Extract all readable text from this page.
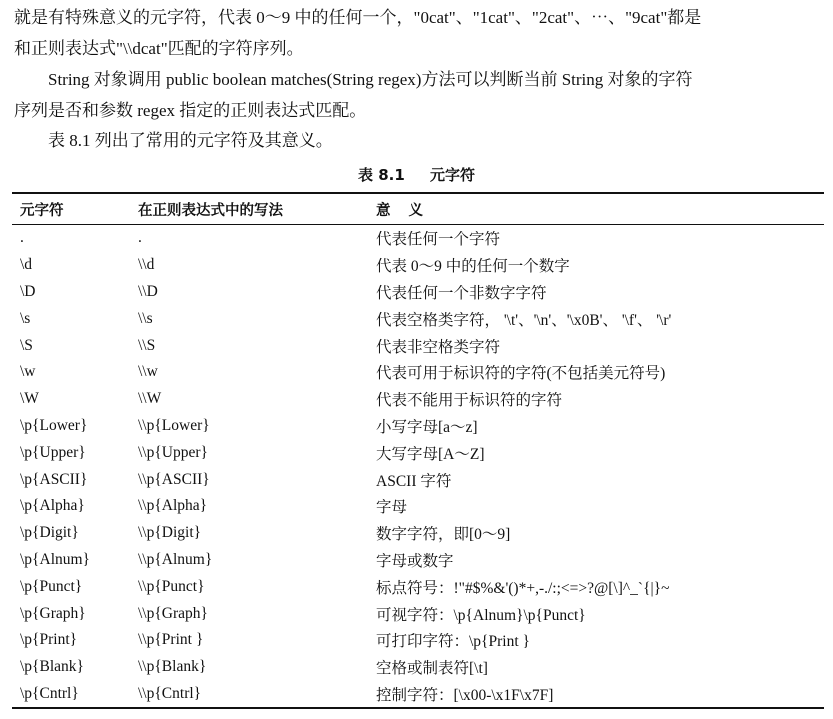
就是有特殊意义的元字符，代表 0～9 中的任何一个，"0cat"、"1cat"、"2cat"、⋯、"9cat"都是
和正则表达式"\\dcat"匹配的字符序列。

String 对象调用 public boolean matches(String regex)方法可以判断当前 String 对象的字符
序列是否和参数 regex 指定的正则表达式匹配。

表 8.1 列出了常用的元字符及其意义。

表 8.1 元字符
元字符	在正则表达式中的写法	意义
.	.	代表任何一个字符
\d	\\d	代表 0～9 中的任何一个数字
\D	\\D	代表任何一个非数字字符
\s	\\s	代表空格类字符， '\t'、'\n'、'\x0B'、 '\f'、 '\r'
\S	\\S	代表非空格类字符
\w	\\w	代表可用于标识符的字符(不包括美元符号)
\W	\\W	代表不能用于标识符的字符
\p{Lower}	\\p{Lower}	小写字母[a～z]
\p{Upper}	\\p{Upper}	大写字母[A～Z]
\p{ASCII}	\\p{ASCII}	ASCII 字符
\p{Alpha}	\\p{Alpha}	字母
\p{Digit}	\\p{Digit}	数字字符，即[0～9]
\p{Alnum}	\\p{Alnum}	字母或数字
\p{Punct}	\\p{Punct}	标点符号：!"#$%&'()*+,-./:;<=>?@[\]^_`{|}~
\p{Graph}	\\p{Graph}	可视字符：\p{Alnum}\p{Punct}
\p{Print}	\\p{Print }	可打印字符：\p{Print }
\p{Blank}	\\p{Blank}	空格或制表符[\t]
\p{Cntrl}	\\p{Cntrl}	控制字符：[\x00-\x1F\x7F]
